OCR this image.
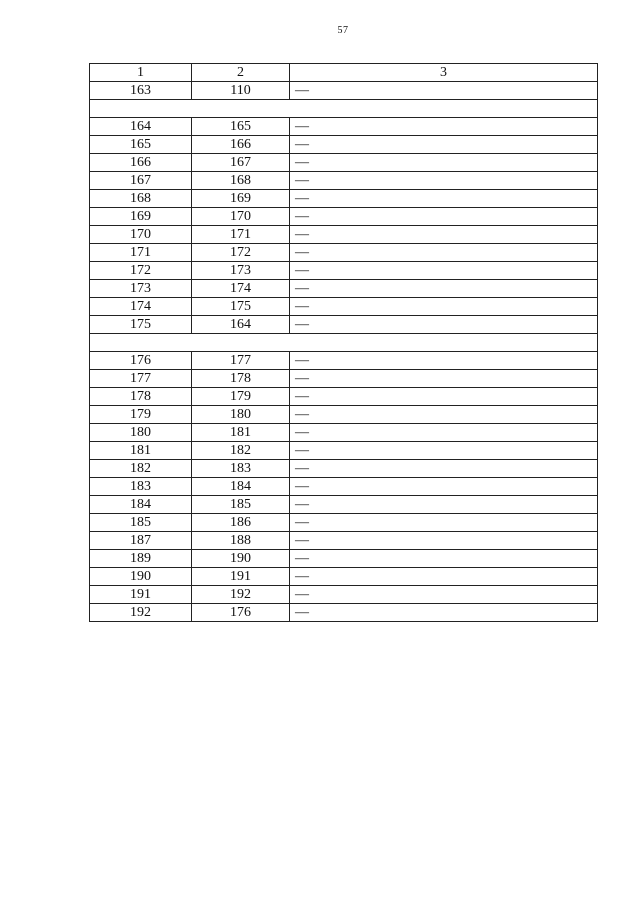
57
1	2	3
163	110	—

164	165	—
165	166	—
166	167	—
167	168	—
168	169	—
169	170	—
170	171	—
171	172	—
172	173	—
173	174	—
174	175	—
175	164	—

176	177	—
177	178	—
178	179	—
179	180	—
180	181	—
181	182	—
182	183	—
183	184	—
184	185	—
185	186	—
187	188	—
189	190	—
190	191	—
191	192	—
192	176	—
